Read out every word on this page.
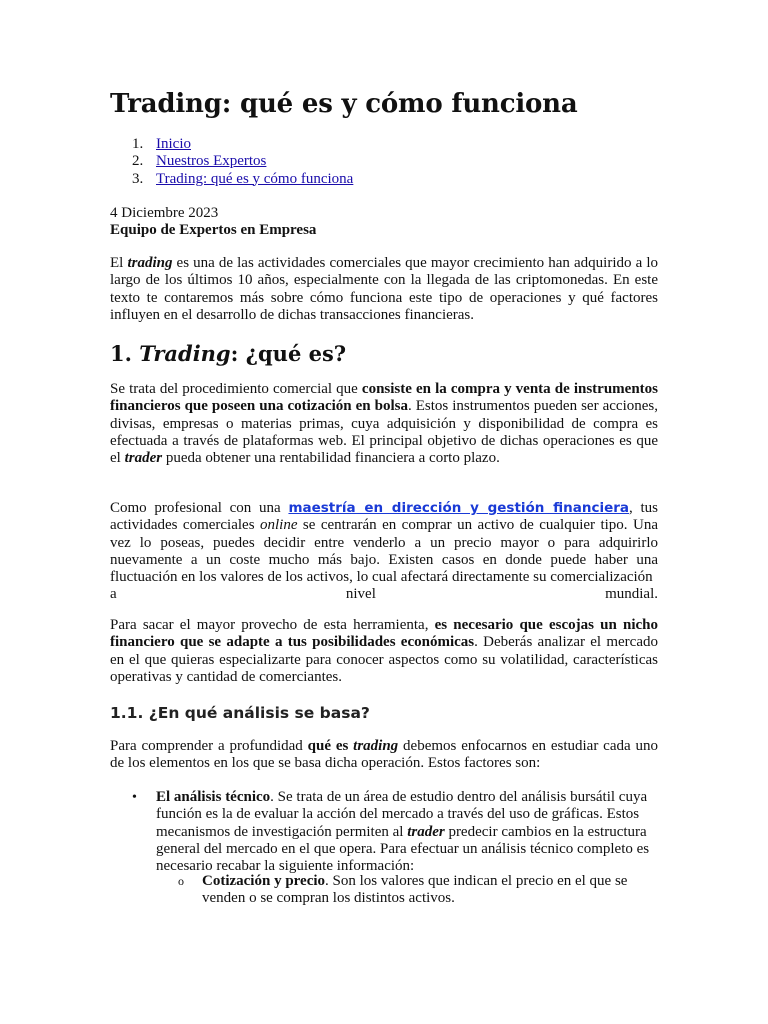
Trading: qué es y cómo funciona
1. Inicio
2. Nuestros Expertos
3. Trading: qué es y cómo funciona
4 Diciembre 2023
Equipo de Expertos en Empresa

El trading es una de las actividades comerciales que mayor crecimiento han adquirido a lo largo de los últimos 10 años, especialmente con la llegada de las criptomonedas. En este texto te contaremos más sobre cómo funciona este tipo de operaciones y qué factores influyen en el desarrollo de dichas transacciones financieras.

1. Trading: ¿qué es?

Se trata del procedimiento comercial que consiste en la compra y venta de instrumentos financieros que poseen una cotización en bolsa. Estos instrumentos pueden ser acciones, divisas, empresas o materias primas, cuya adquisición y disponibilidad de compra es efectuada a través de plataformas web. El principal objetivo de dichas operaciones es que el trader pueda obtener una rentabilidad financiera a corto plazo.

Como profesional con una maestría en dirección y gestión financiera, tus actividades comerciales online se centrarán en comprar un activo de cualquier tipo. Una vez lo poseas, puedes decidir entre venderlo a un precio mayor o para adquirirlo nuevamente a un coste mucho más bajo. Existen casos en donde puede haber una fluctuación en los valores de los activos, lo cual afectará directamente su comercialización
a nivel mundial.

Para sacar el mayor provecho de esta herramienta, es necesario que escojas un nicho financiero que se adapte a tus posibilidades económicas. Deberás analizar el mercado en el que quieras especializarte para conocer aspectos como su volatilidad, características operativas y cantidad de comerciantes.

1.1. ¿En qué análisis se basa?

Para comprender a profundidad qué es trading debemos enfocarnos en estudiar cada uno de los elementos en los que se basa dicha operación. Estos factores son:

• El análisis técnico. Se trata de un área de estudio dentro del análisis bursátil cuya función es la de evaluar la acción del mercado a través del uso de gráficas. Estos mecanismos de investigación permiten al trader predecir cambios en la estructura general del mercado en el que opera. Para efectuar un análisis técnico completo es necesario recabar la siguiente información:

o Cotización y precio. Son los valores que indican el precio en el que se venden o se compran los distintos activos.
